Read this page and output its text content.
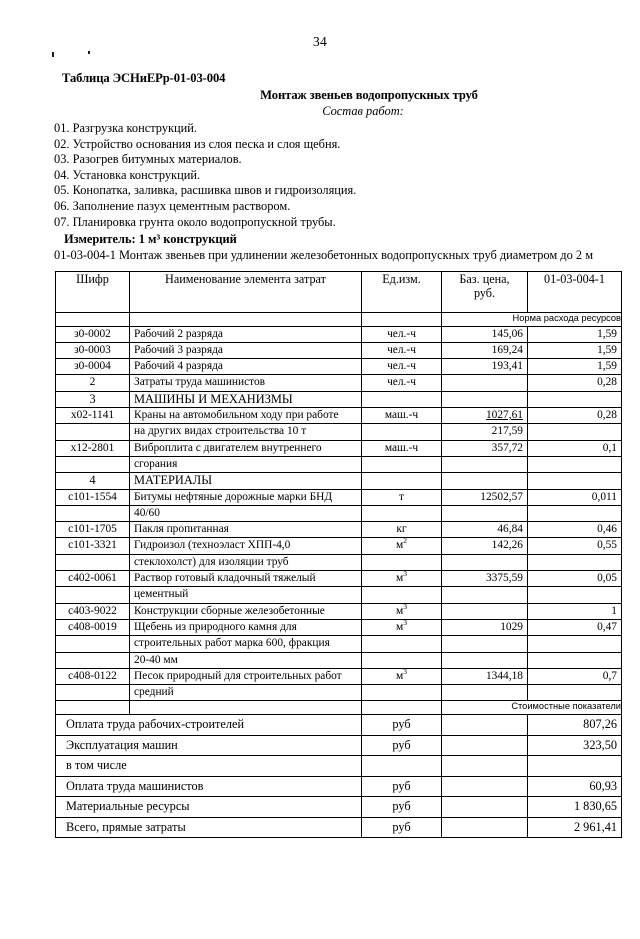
34
Таблица ЭСНиЕРр-01-03-004
Монтаж звеньев водопропускных труб
Состав работ:
01. Разгрузка конструкций.
02. Устройство основания из слоя песка и слоя щебня.
03. Разогрев битумных материалов.
04. Установка конструкций.
05. Конопатка, заливка, расшивка швов и гидроизоляция.
06. Заполнение пазух цементным раствором.
07. Планировка грунта около водопропускной трубы.
Измеритель: 1 м³ конструкций
01-03-004-1 Монтаж звеньев при удлинении железобетонных водопропускных труб диаметром до 2 м
Шифр	Наименование элемента затрат	Ед.изм.	Баз. цена,
руб.	01-03-004-1
			Норма расхода ресурсов	
з0-0002	Рабочий 2 разряда	чел.-ч	145,06	1,59
з0-0003	Рабочий 3 разряда	чел.-ч	169,24	1,59
з0-0004	Рабочий 4 разряда	чел.-ч	193,41	1,59
2	Затраты труда машинистов	чел.-ч		0,28
3	МАШИНЫ И МЕХАНИЗМЫ			
х02-1141	Краны на автомобильном ходу при работе	маш.-ч	1027,61	0,28
	на других видах строительства 10 т		217,59	
х12-2801	Виброплита с двигателем внутреннего	маш.-ч	357,72	0,1
	сгорания			
4	МАТЕРИАЛЫ			
с101-1554	Битумы нефтяные дорожные марки БНД	т	12502,57	0,011
	40/60			
с101-1705	Пакля пропитанная	кг	46,84	0,46
с101-3321	Гидроизол (техноэласт ХПП-4,0	$м^2$	142,26	0,55
	стеклохолст) для изоляции труб			
с402-0061	Раствор готовый кладочный тяжелый	$м^3$	3375,59	0,05
	цементный			
с403-9022	Конструкции сборные железобетонные	$м^3$		1
с408-0019	Щебень из природного камня для	$м^3$	1029	0,47
	строительных работ марка 600, фракция			
	20-40 мм			
с408-0122	Песок природный для строительных работ	$м^3$	1344,18	0,7
	средний			
			Стоимостные показатели	
Оплата труда рабочих-строителей		руб		807,26
Эксплуатация машин		руб		323,50
в том числе				
Оплата труда машинистов		руб		60,93
Материальные ресурсы		руб		1 830,65
Всего, прямые затраты		руб		2 961,41
